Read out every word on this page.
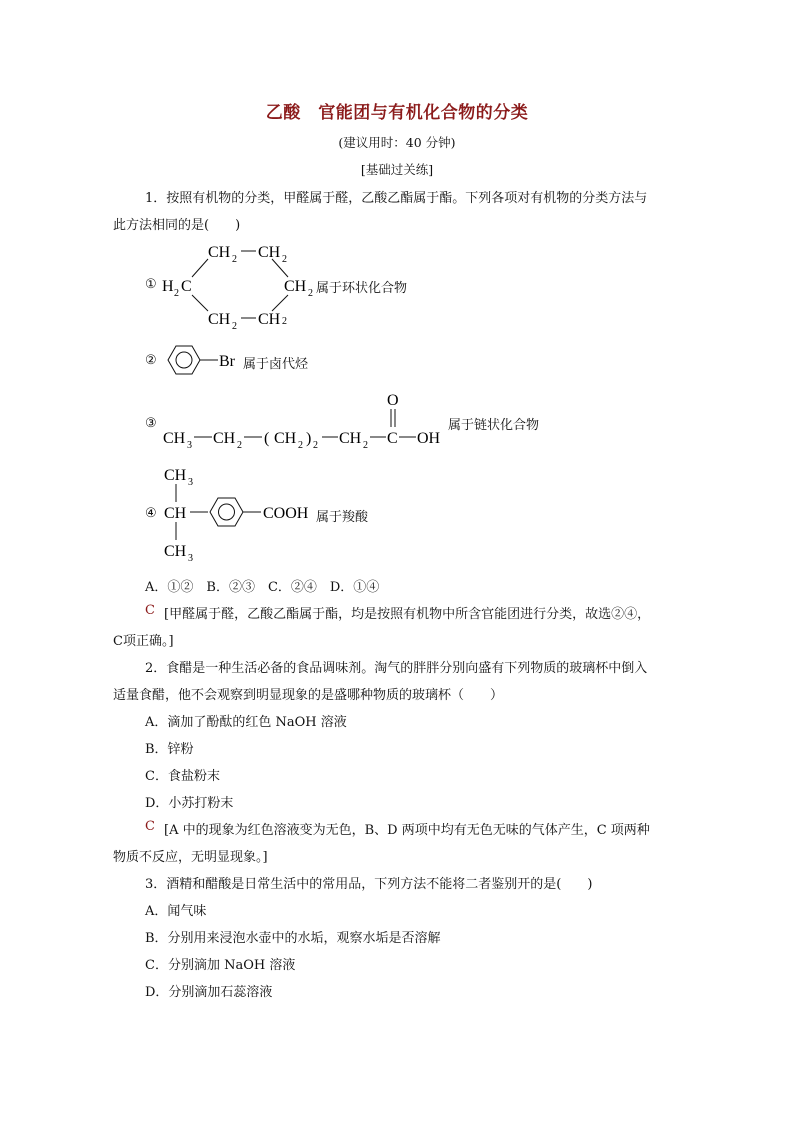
乙酸　官能团与有机化合物的分类
(建议用时：40 分钟)
[基础过关练]
1．按照有机物的分类，甲醛属于醛，乙酸乙酯属于酯。下列各项对有机物的分类方法与
此方法相同的是(　　)
①
CH 2 CH 2
H 2 C	CH 2
CH 2 CH 2
属于环状化合物
②	Br 属于卤代烃
③
CH 3 CH 2 ( CH 2 ) 2 CH 2 C
O
OH
属于链状化合物
④
CH 3
CH
CH 3
COOH 属于羧酸
A．①②　B．②③　C．②④　D．①④
C [甲醛属于醛，乙酸乙酯属于酯，均是按照有机物中所含官能团进行分类，故选②④，
C项正确。]
2．食醋是一种生活必备的食品调味剂。淘气的胖胖分别向盛有下列物质的玻璃杯中倒入
适量食醋，他不会观察到明显现象的是盛哪种物质的玻璃杯（　　）
A．滴加了酚酞的红色 NaOH 溶液
B．锌粉
C．食盐粉末
D．小苏打粉末
C [A 中的现象为红色溶液变为无色，B、D 两项中均有无色无味的气体产生，C 项两种
物质不反应，无明显现象。]
3．酒精和醋酸是日常生活中的常用品，下列方法不能将二者鉴别开的是(　　)
A．闻气味
B．分别用来浸泡水壶中的水垢，观察水垢是否溶解
C．分别滴加 NaOH 溶液
D．分别滴加石蕊溶液
